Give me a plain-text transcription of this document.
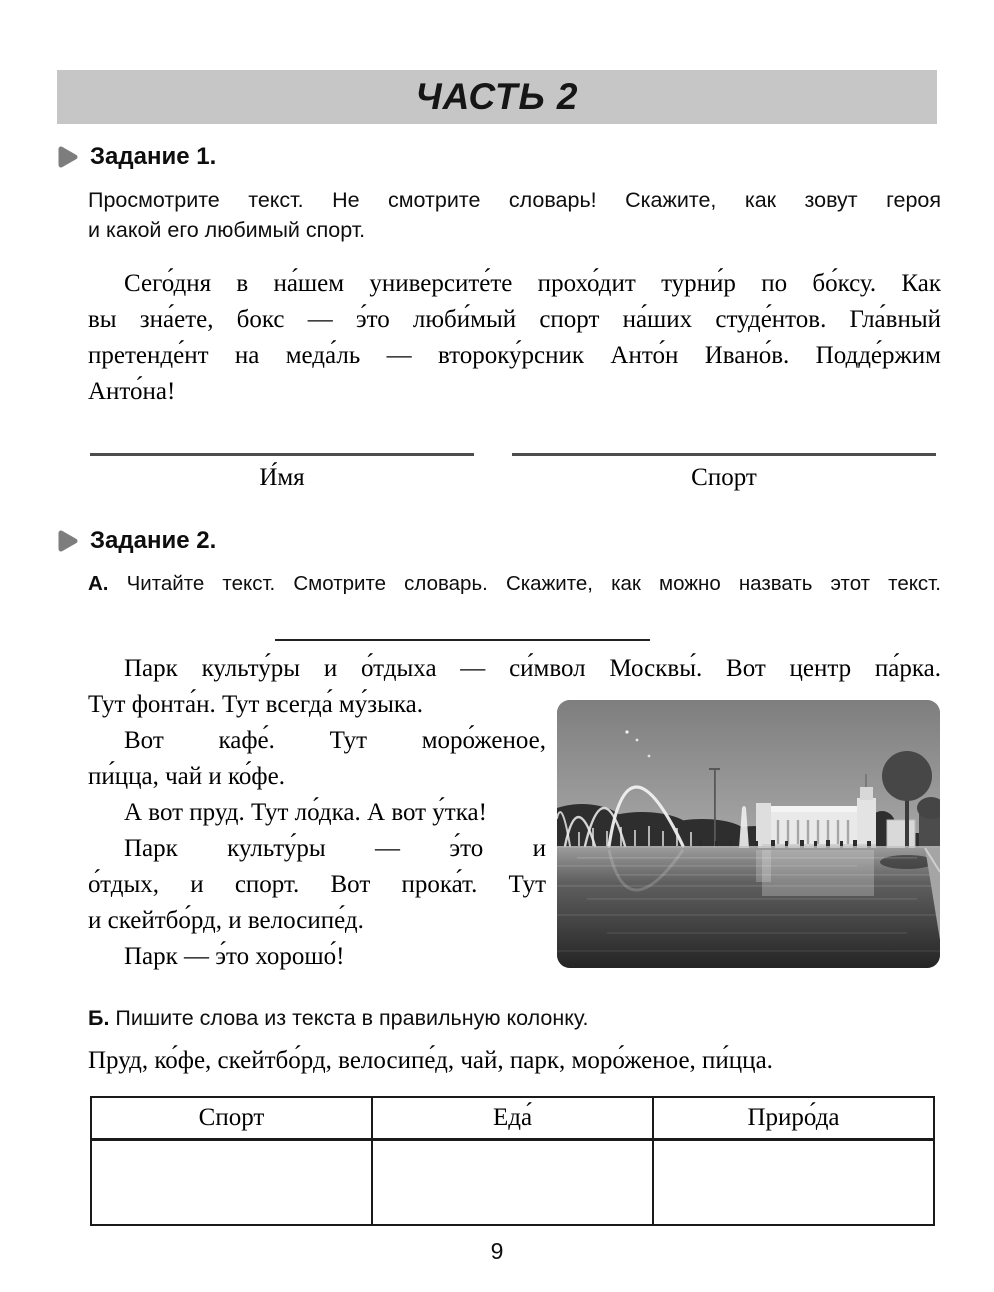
ЧАСТЬ 2
Задание 1.
Просмотрите текст. Не смотрите словарь! Скажите, как зовут героя
и какой его любимый спорт.
Сего́дня в на́шем университе́те прохо́дит турни́р по бо́ксу. Как
вы зна́ете, бокс — э́то люби́мый спорт на́ших студе́нтов. Гла́вный
претенде́нт на меда́ль — второку́рсник Анто́н Ивано́в. Подде́ржим
Анто́на!
И́мя	Спорт
Задание 2.
А. Читайте текст. Смотрите словарь. Скажите, как можно назвать этот текст.
Парк культу́ры и о́тдыха — си́мвол Москвы́. Вот центр па́рка.
Тут фонта́н. Тут всегда́ му́зыка.
Вот кафе́. Тут моро́женое,
пи́цца, чай и ко́фе.
А вот пруд. Тут ло́дка. А вот у́тка!
Парк культу́ры — э́то и
о́тдых, и спорт. Вот прока́т. Тут
и скейтбо́рд, и велосипе́д.
Парк — э́то хорошо́!
Б. Пишите слова из текста в правильную колонку.
Пруд, ко́фе, скейтбо́рд, велосипе́д, чай, парк, моро́женое, пи́цца.
Спорт	Еда́	Приро́да

9
